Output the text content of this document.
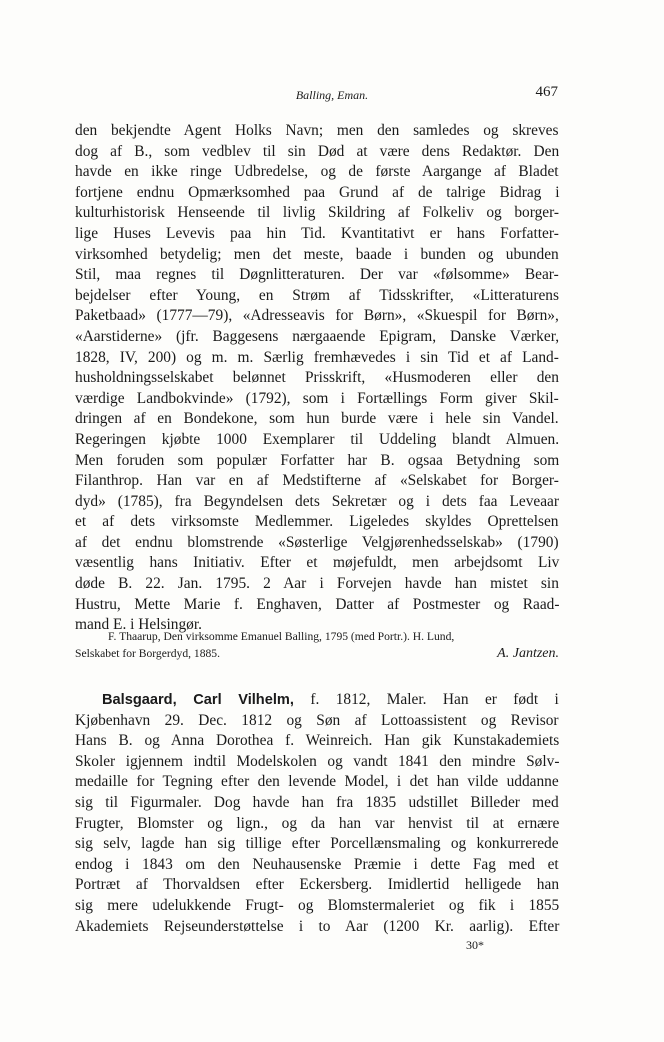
Balling, Eman.	467
den bekjendte Agent Holks Navn; men den samledes og skreves
dog af B., som vedblev til sin Død at være dens Redaktør. Den
havde en ikke ringe Udbredelse, og de første Aargange af Bladet
fortjene endnu Opmærksomhed paa Grund af de talrige Bidrag i
kulturhistorisk Henseende til livlig Skildring af Folkeliv og borger-
lige Huses Levevis paa hin Tid. Kvantitativt er hans Forfatter-
virksomhed betydelig; men det meste, baade i bunden og ubunden
Stil, maa regnes til Døgnlitteraturen. Der var «følsomme» Bear-
bejdelser efter Young, en Strøm af Tidsskrifter, «Litteraturens
Paketbaad» (1777—79), «Adresseavis for Børn», «Skuespil for Børn»,
«Aarstiderne» (jfr. Baggesens nærgaaende Epigram, Danske Værker,
1828, IV, 200) og m. m. Særlig fremhævedes i sin Tid et af Land-
husholdningsselskabet belønnet Prisskrift, «Husmoderen eller den
værdige Landbokvinde» (1792), som i Fortællings Form giver Skil-
dringen af en Bondekone, som hun burde være i hele sin Vandel.
Regeringen kjøbte 1000 Exemplarer til Uddeling blandt Almuen.
Men foruden som populær Forfatter har B. ogsaa Betydning som
Filanthrop. Han var en af Medstifterne af «Selskabet for Borger-
dyd» (1785), fra Begyndelsen dets Sekretær og i dets faa Leveaar
et af dets virksomste Medlemmer. Ligeledes skyldes Oprettelsen
af det endnu blomstrende «Søsterlige Velgjørenhedsselskab» (1790)
væsentlig hans Initiativ. Efter et møjefuldt, men arbejdsomt Liv
døde B. 22. Jan. 1795. 2 Aar i Forvejen havde han mistet sin
Hustru, Mette Marie f. Enghaven, Datter af Postmester og Raad-
mand E. i Helsingør.
F. Thaarup, Den virksomme Emanuel Balling, 1795 (med Portr.). H. Lund,
Selskabet for Borgerdyd, 1885.	A. Jantzen.
Balsgaard, Carl Vilhelm, f. 1812, Maler. Han er født i
Kjøbenhavn 29. Dec. 1812 og Søn af Lottoassistent og Revisor
Hans B. og Anna Dorothea f. Weinreich. Han gik Kunstakademiets
Skoler igjennem indtil Modelskolen og vandt 1841 den mindre Sølv-
medaille for Tegning efter den levende Model, i det han vilde uddanne
sig til Figurmaler. Dog havde han fra 1835 udstillet Billeder med
Frugter, Blomster og lign., og da han var henvist til at ernære
sig selv, lagde han sig tillige efter Porcellænsmaling og konkurrerede
endog i 1843 om den Neuhausenske Præmie i dette Fag med et
Portræt af Thorvaldsen efter Eckersberg. Imidlertid helligede han
sig mere udelukkende Frugt- og Blomstermaleriet og fik i 1855
Akademiets Rejseunderstøttelse i to Aar (1200 Kr. aarlig). Efter
30*
